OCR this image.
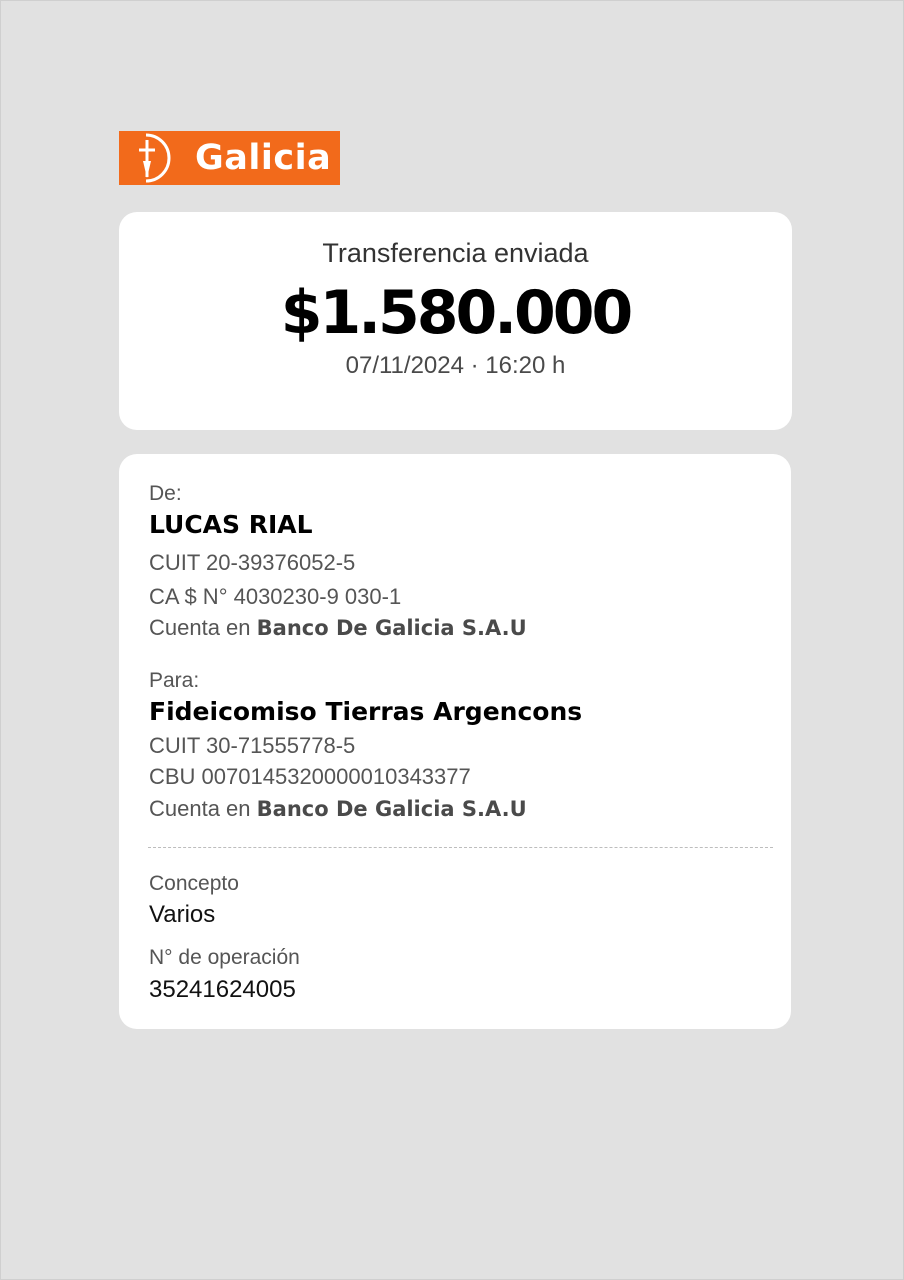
Galicia
Transferencia enviada
$1.580.000
07/11/2024 · 16:20 h
De:
LUCAS RIAL
CUIT 20-39376052-5
CA $ N° 4030230-9 030-1
Cuenta en Banco De Galicia S.A.U
Para:
Fideicomiso Tierras Argencons
CUIT 30-71555778-5
CBU 0070145320000010343377
Cuenta en Banco De Galicia S.A.U
Concepto
Varios
N° de operación
35241624005
